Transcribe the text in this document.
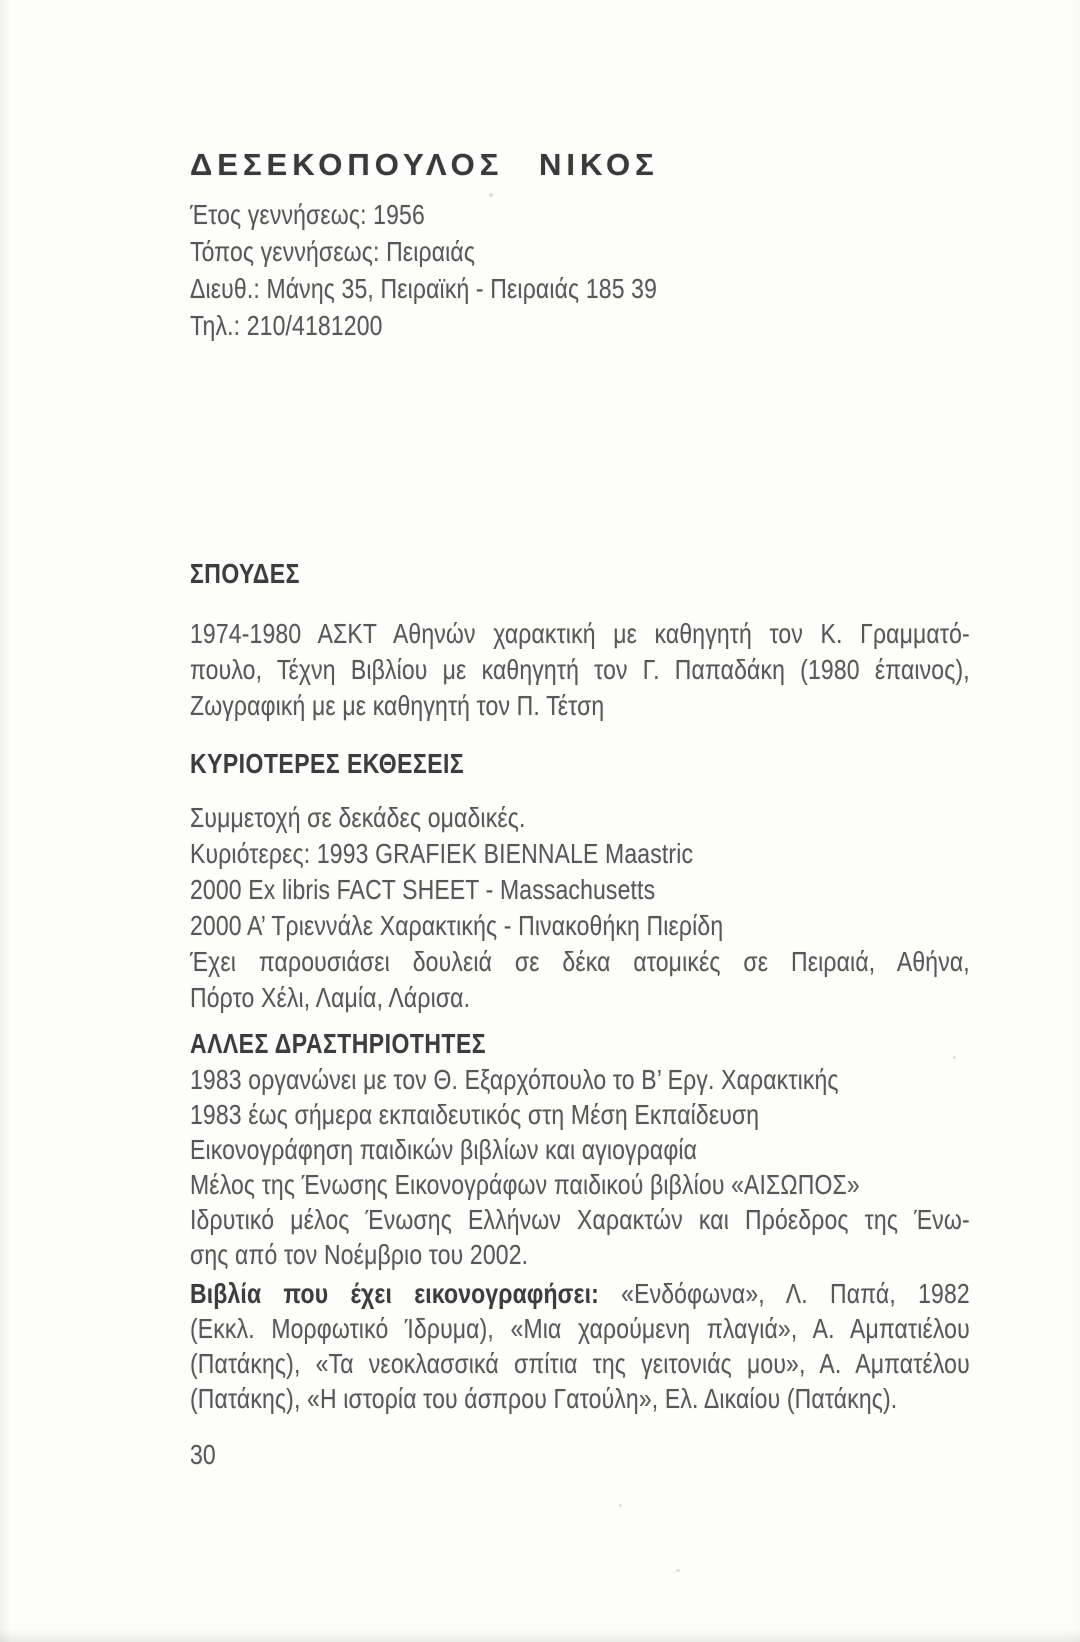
ΔΕΣΕΚΟΠΟΥΛΟΣ ΝΙΚΟΣ
Έτος γεννήσεως: 1956
Τόπος γεννήσεως: Πειραιάς
Διευθ.: Μάνης 35, Πειραϊκή - Πειραιάς 185 39
Τηλ.: 210/4181200
ΣΠΟΥΔΕΣ
1974-1980 ΑΣΚΤ Αθηνών χαρακτική με καθηγητή τον Κ. Γραμματό-
πουλο, Τέχνη Βιβλίου με καθηγητή τον Γ. Παπαδάκη (1980 έπαινος),
Ζωγραφική με με καθηγητή τον Π. Τέτση
ΚΥΡΙΟΤΕΡΕΣ ΕΚΘΕΣΕΙΣ
Συμμετοχή σε δεκάδες ομαδικές.
Κυριότερες: 1993 GRAFIEK BIENNALE Maastric
2000 Ex libris FACT SHEET - Massachusetts
2000 Α’ Τριεννάλε Χαρακτικής - Πινακοθήκη Πιερίδη
Έχει παρουσιάσει δουλειά σε δέκα ατομικές σε Πειραιά, Αθήνα,
Πόρτο Χέλι, Λαμία, Λάρισα.
ΑΛΛΕΣ ΔΡΑΣΤΗΡΙΟΤΗΤΕΣ
1983 οργανώνει με τον Θ. Εξαρχόπουλο το Β’ Εργ. Χαρακτικής
1983 έως σήμερα εκπαιδευτικός στη Μέση Εκπαίδευση
Εικονογράφηση παιδικών βιβλίων και αγιογραφία
Μέλος της Ένωσης Εικονογράφων παιδικού βιβλίου «ΑΙΣΩΠΟΣ»
Ιδρυτικό μέλος Ένωσης Ελλήνων Χαρακτών και Πρόεδρος της Ένω-
σης από τον Νοέμβριο του 2002.
Βιβλία που έχει εικονογραφήσει: «Ενδόφωνα», Λ. Παπά, 1982
(Εκκλ. Μορφωτικό Ίδρυμα), «Μια χαρούμενη πλαγιά», Α. Αμπατιέλου
(Πατάκης), «Τα νεοκλασσικά σπίτια της γειτονιάς μου», Α. Αμπατέλου
(Πατάκης), «Η ιστορία του άσπρου Γατούλη», Ελ. Δικαίου (Πατάκης).
30
